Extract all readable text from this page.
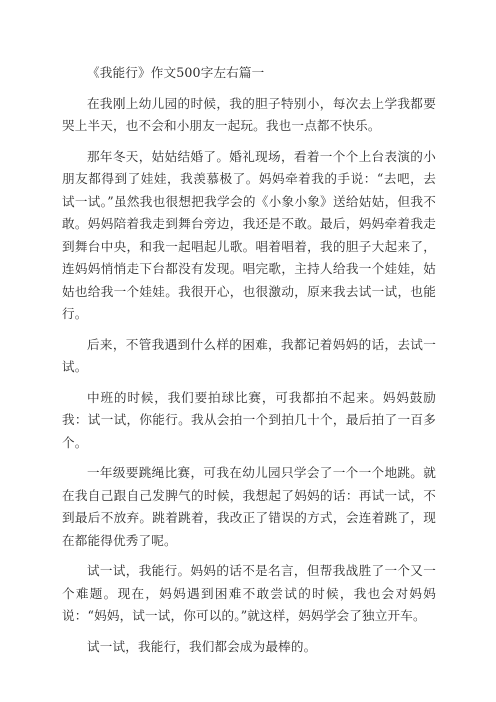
《我能行》作文500字左右篇一

在我刚上幼儿园的时候，我的胆子特别小，每次去上学我都要哭上半天，也不会和小朋友一起玩。我也一点都不快乐。

那年冬天，姑姑结婚了。婚礼现场，看着一个个上台表演的小朋友都得到了娃娃，我羡慕极了。妈妈牵着我的手说：“去吧，去试一试。”虽然我也很想把我学会的《小象小象》送给姑姑，但我不敢。妈妈陪着我走到舞台旁边，我还是不敢。最后，妈妈牵着我走到舞台中央，和我一起唱起儿歌。唱着唱着，我的胆子大起来了，连妈妈悄悄走下台都没有发现。唱完歌，主持人给我一个娃娃，姑姑也给我一个娃娃。我很开心，也很激动，原来我去试一试，也能行。

后来，不管我遇到什么样的困难，我都记着妈妈的话，去试一试。

中班的时候，我们要拍球比赛，可我都拍不起来。妈妈鼓励我：试一试，你能行。我从会拍一个到拍几十个，最后拍了一百多个。

一年级要跳绳比赛，可我在幼儿园只学会了一个一个地跳。就在我自己跟自己发脾气的时候，我想起了妈妈的话：再试一试，不到最后不放弃。跳着跳着，我改正了错误的方式，会连着跳了，现在都能得优秀了呢。

试一试，我能行。妈妈的话不是名言，但帮我战胜了一个又一个难题。现在，妈妈遇到困难不敢尝试的时候，我也会对妈妈说：“妈妈，试一试，你可以的。”就这样，妈妈学会了独立开车。

试一试，我能行，我们都会成为最棒的。
